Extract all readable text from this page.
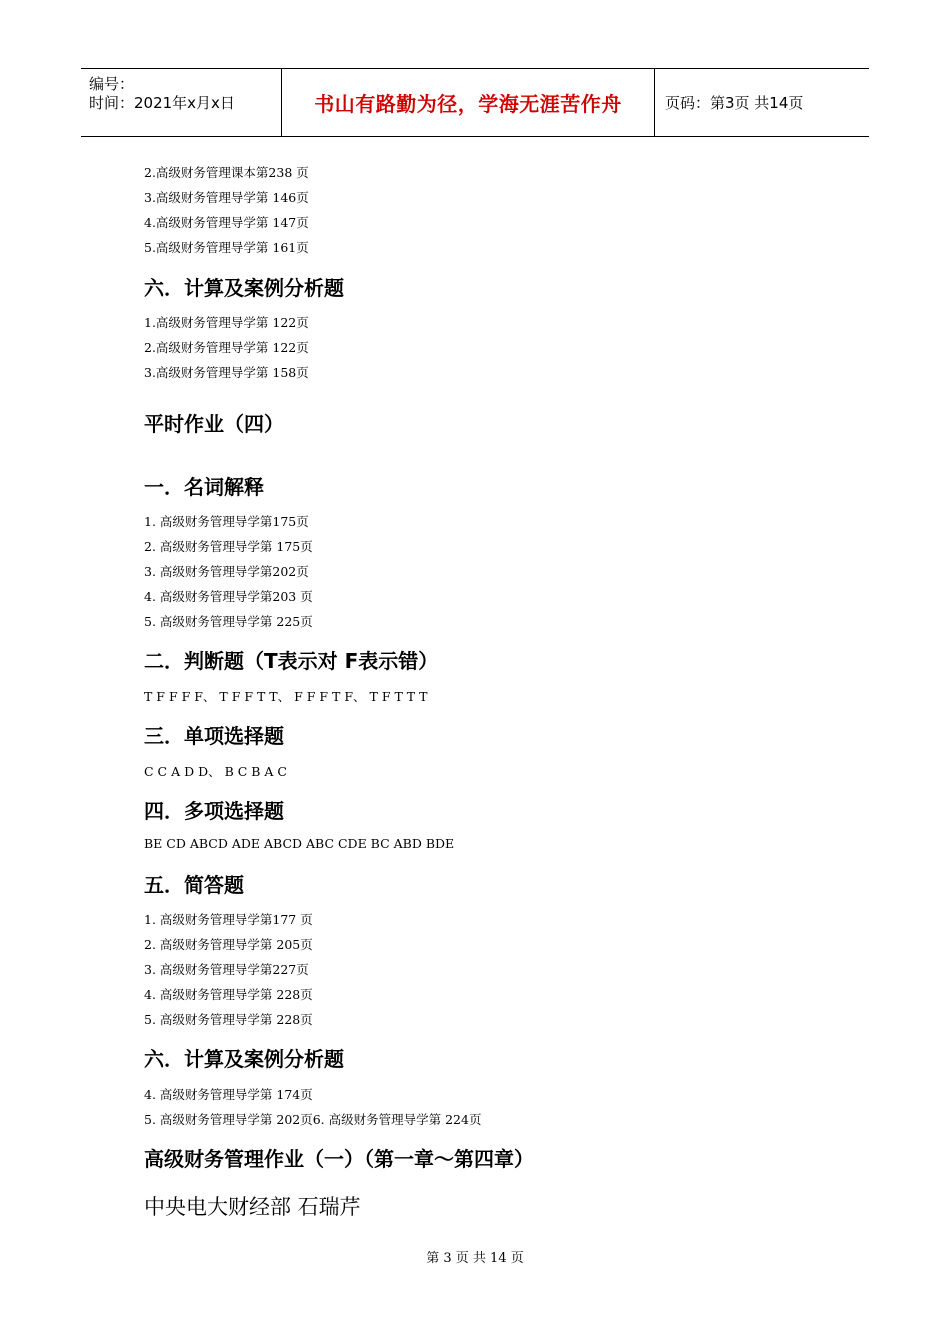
编号：
时间：2021年x月x日	书山有路勤为径，学海无涯苦作舟	页码：第3页 共14页
2.高级财务管理课本第238 页
3.高级财务管理导学第 146页
4.高级财务管理导学第 147页
5.高级财务管理导学第 161页
六．计算及案例分析题
1.高级财务管理导学第 122页
2.高级财务管理导学第 122页
3.高级财务管理导学第 158页
平时作业（四）
一．名词解释
1. 高级财务管理导学第175页
2. 高级财务管理导学第 175页
3. 高级财务管理导学第202页
4. 高级财务管理导学第203 页
5. 高级财务管理导学第 225页
二．判断题（T表示对 F表示错）
T F F F F、 T F F T T、 F F F T F、 T F T T T
三．单项选择题
C C A D D、 B C B A C
四．多项选择题
BE CD ABCD ADE ABCD ABC CDE BC ABD BDE
五．简答题
1. 高级财务管理导学第177 页
2. 高级财务管理导学第 205页
3. 高级财务管理导学第227页
4. 高级财务管理导学第 228页
5. 高级财务管理导学第 228页
六．计算及案例分析题
4. 高级财务管理导学第 174页
5. 高级财务管理导学第 202页6. 高级财务管理导学第 224页
高级财务管理作业（一）（第一章～第四章）
中央电大财经部 石瑞芹
第 3 页 共 14 页
